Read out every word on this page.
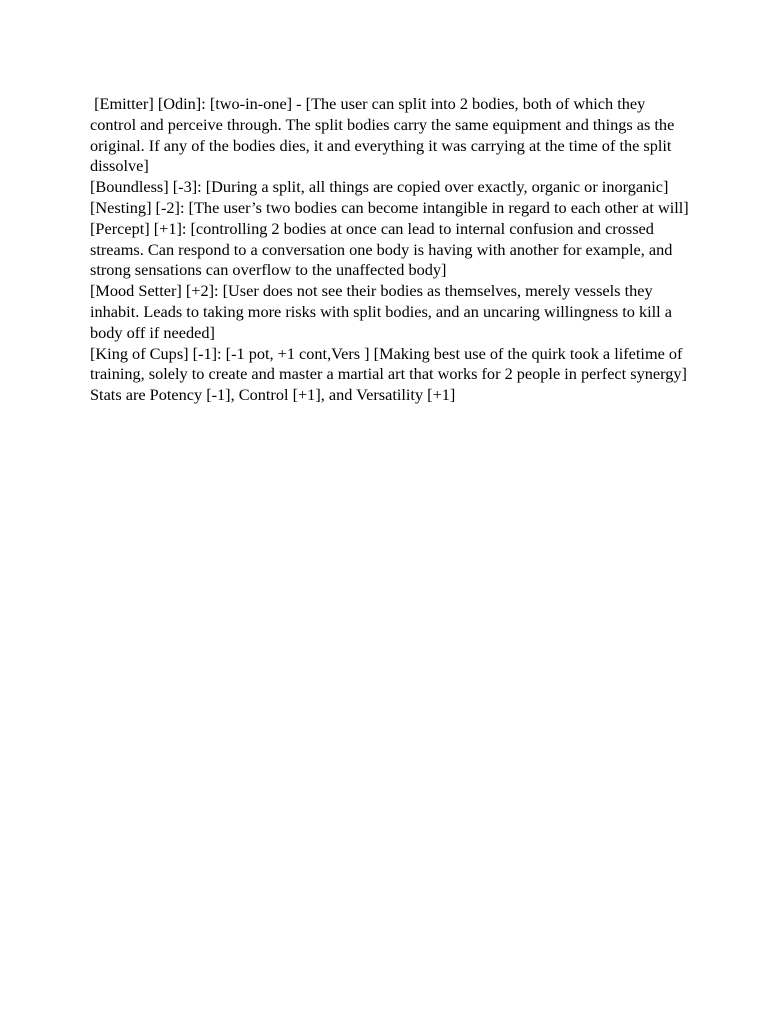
[Emitter] [Odin]: [two-in-one] - [The user can split into 2 bodies, both of which they control and perceive through. The split bodies carry the same equipment and things as the original. If any of the bodies dies, it and everything it was carrying at the time of the split dissolve]

[Boundless] [-3]: [During a split, all things are copied over exactly, organic or inorganic]

[Nesting] [-2]: [The user’s two bodies can become intangible in regard to each other at will]

[Percept] [+1]: [controlling 2 bodies at once can lead to internal confusion and crossed streams. Can respond to a conversation one body is having with another for example, and strong sensations can overflow to the unaffected body]

[Mood Setter] [+2]: [User does not see their bodies as themselves, merely vessels they inhabit. Leads to taking more risks with split bodies, and an uncaring willingness to kill a body off if needed]

[King of Cups] [-1]: [-1 pot, +1 cont,Vers ] [Making best use of the quirk took a lifetime of training, solely to create and master a martial art that works for 2 people in perfect synergy]

Stats are Potency [-1], Control [+1], and Versatility [+1]
